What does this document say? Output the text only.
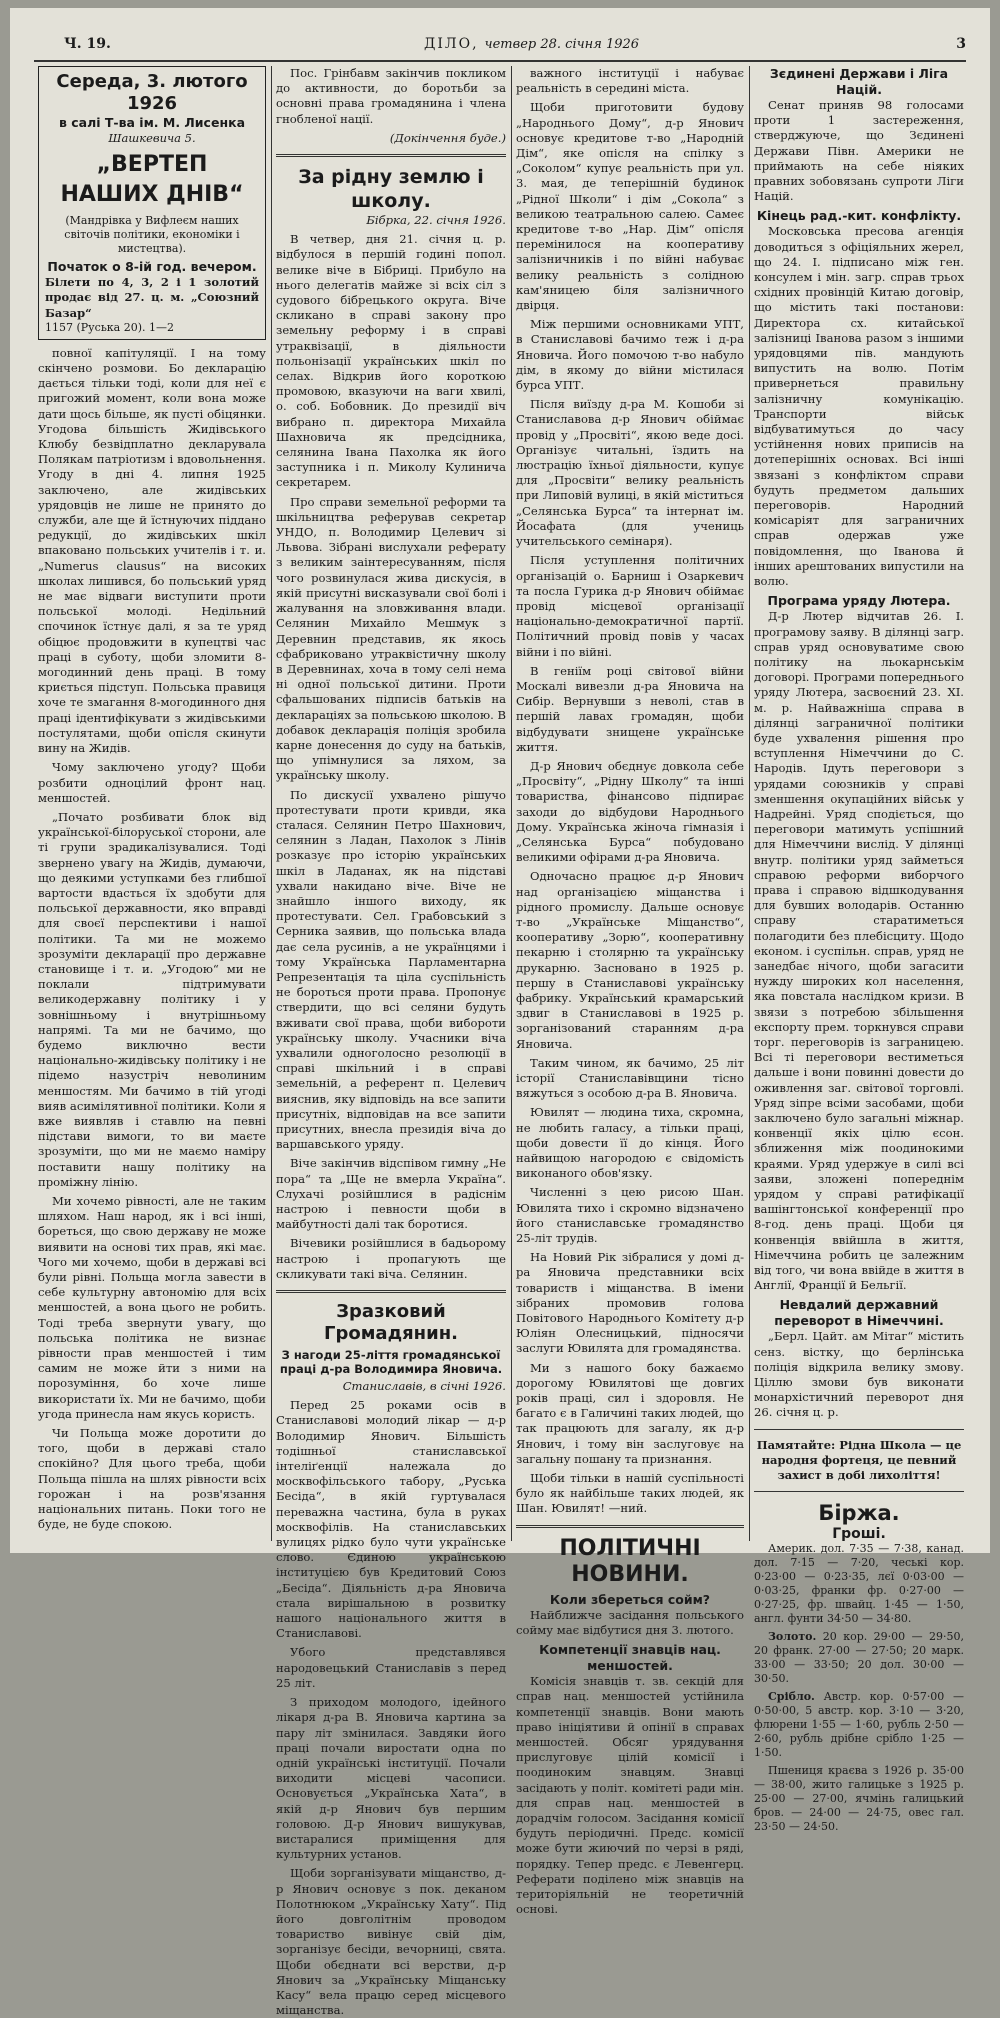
Ч. 19.	ДІЛО, четвер 28. січня 1926	3
Середа, 3. лютого 1926
в салі Т-ва ім. М. Лисенка
Шашкевича 5.
„ВЕРТЕП НАШИХ ДНІВ“
(Мандрівка у Вифлеєм наших світочів політики, економіки і мистецтва).
Початок о 8-ій год. вечером.
Білети по 4, 3, 2 і 1 золотий продає від 27. ц. м. „Союзний Базар“
1157 (Руська 20). 1—2

повної капітуляції. І на тому скінчено розмови. Бо декларацію дається тільки тоді, коли для неї є пригожий момент, коли вона може дати щось більше, як пусті обіцянки. Угодова більшість Жидівського Клюбу безвідплатно декларувала Полякам патріотизм і вдовольнення. Угоду в дні 4. липня 1925 заключено, але жидівських урядовців не лише не принято до служби, але ще й їстнуючих піддано редукції, до жидівських шкіл впаковано польських учителів і т. и. „Numerus clausus“ на високих школах лишився, бо польський уряд не має відваги виступити проти польської молоді. Недільний спочинок їстнує далі, я за те уряд обіцює продовжити в купецтві час праці в суботу, щоби зломити 8-могодинний день праці. В тому криється підступ. Польська правиця хоче те змагання 8-могодинного дня праці ідентифікувати з жидівськими постулятами, щоби опісля скинути вину на Жидів.

Чому заключено угоду? Щоби розбити одноцілий фронт нац. меншостей.

„Почато розбивати блок від української-білоруської сторони, але ті групи зрадикалізувалися. Тоді звернено увагу на Жидів, думаючи, що деякими уступками без глибшої вартости вдасться їх здобути для польської державности, яко вправді для своєї перспективи і нашої політики. Та ми не можемо зрозуміти декларації про державне становище і т. и. „Угодою“ ми не поклали підтримувати великодержавну політику і у зовнішньому і внутрішньому напрямі. Та ми не бачимо, що будемо виключно вести національно-жидівську політику і не підемо назустріч неволиним меншостям. Ми бачимо в тій угоді вияв асимілятивної політики. Коли я вже виявляв і ставлю на певні підстави вимоги, то ви маєте зрозуміти, що ми не маємо наміру поставити нашу політику на проміжну лінію.

Ми хочемо рівності, але не таким шляхом. Наш народ, як і всі інші, бореться, що свою державу не може виявити на основі тих прав, які має. Чого ми хочемо, щоби в державі всі були рівні. Польща могла завести в себе культурну автономію для всіх меншостей, а вона цього не робить. Тоді треба звернути увагу, що польська політика не визнає рівности прав меншостей і тим самим не може йти з ними на порозуміння, бо хоче лише використати їх. Ми не бачимо, щоби угода принесла нам якусь користь.

Чи Польща може доротити до того, щоби в державі стало спокійно? Для цього треба, щоби Польща пішла на шлях рівности всіх горожан і на розв'язання національних питань. Поки того не буде, не буде спокою.

Пос. Грінбавм закінчив покликом до активности, до боротьби за основні права громадянина і члена гнобленої нації.

(Докінчення буде.)

За рідну землю і школу.

Бібрка, 22. січня 1926.

В четвер, дня 21. січня ц. р. відбулося в першій годині попол. велике віче в Бібриці. Прибуло на нього делегатів майже зі всіх сіл з судового бібрецького округа. Віче скликано в справі закону про земельну реформу і в справі утраквізації, в діяльности польонізації українських шкіл по селах. Відкрив його короткою промовою, вказуючи на ваги хвилі, о. соб. Бобовник. До президії віч вибрано п. директора Михайла Шахновича як предсідника, селянина Івана Пахолка як його заступника і п. Миколу Кулинича секретарем.

Про справи земельної реформи та шкільництва реферував секретар УНДО, п. Володимир Целевич зі Львова. Зібрані вислухали реферату з великим заінтересуванням, після чого розвинулася жива дискусія, в якій присутні висказували свої болі і жалування на зловживання влади. Селянин Михайло Мешмук з Деревнин представив, як якось сфабриковано утраквістичну школу в Деревнинах, хоча в тому селі нема ні одної польської дитини. Проти сфальшованих підписів батьків на деклараціях за польською школою. В добавок декларація поліція зробила карне донесення до суду на батьків, що упімнулися за ляхом, за українську школу.

По дискусії ухвалено рішучо протестувати проти кривди, яка сталася. Селянин Петро Шахнович, селянин з Ладан, Пахолок з Лінів розказує про історію українських шкіл в Ладанах, як на підставі ухвали накидано віче. Віче не знайшло іншого виходу, як протестувати. Сел. Грабовський з Серника заявив, що польська влада дає села русинів, а не українцями і тому Українська Парламентарна Репрезентація та ціла суспільність не бороться проти права. Пропонує ствердити, що всі селяни будуть вживати свої права, щоби вибороти українську школу. Учасники віча ухвалили одноголосно резолюції в справі шкільний і в справі земельній, а референт п. Целевич вияснив, яку відповідь на все запити присутніх, відповідав на все запити присутних, внесла президія віча до варшавського уряду.

Віче закінчив відспівом гимну „Не пора“ та „Ще не вмерла Україна“. Слухачі розійшлися в радіснім настрою і певности щоби в майбутності далі так боротися.

Вічевики розійшлися в бадьорому настрою і пропагують ще скликувати такі віча. Селянин.

Зразковий Громадянин.
З нагоди 25-ліття громадянської праці д-ра Володимира Яновича.

Станиславів, в січні 1926.

Перед 25 роками осів в Станиславові молодий лікар — д-р Володимир Янович. Більшість тодішньої станиславської інтеліґенції належала до москвофільського табору, „Руська Бесіда“, в якій гуртувалася переважна частина, була в руках москвофілів. На станиславських вулицях рідко було чути українське слово. Єдиною українською інституцією був Кредитовий Союз „Бесіда“. Діяльність д-ра Яновича стала вирішальною в розвитку нашого національного життя в Станиславові.

Убого представлявся народовецький Станиславів з перед 25 літ.

З приходом молодого, ідейного лікаря д-ра В. Яновича картина за пару літ змінилася. Завдяки його праці почали виростати одна по одній українські інституції. Почали виходити місцеві часописи. Основується „Українська Хата“, в якій д-р Янович був першим головою. Д-р Янович вишукував, вистаралися приміщення для культурних установ.

Щоби зорганізувати міщанство, д-р Янович основує з пок. деканом Полотнюком „Українську Хату“. Під його довголітнім проводом товариство вивінує свій дім, зорганізує бесіди, вечорниці, свята. Щоби обєднати всі верстви, д-р Янович за „Українську Міщанську Касу“ вела працю серед місцевого міщанства.

важного інституції і набуває реальність в середині міста.

Щоби приготовити будову „Народнього Дому“, д-р Янович основує кредитове т-во „Народній Дім“, яке опісля на спілку з „Соколом“ купує реальність при ул. 3. мая, де теперішній будинок „Рідної Школи“ і дім „Сокола“ з великою театральною салею. Самеє кредитове т-во „Нар. Дім“ опісля перемінилося на кооперативу залізничників і по війні набуває велику реальність з солідною кам'яницею біля залізничного двірця.

Між першими основниками УПТ, в Станиславові бачимо теж і д-ра Яновича. Його помочою т-во набуло дім, в якому до війни містилася бурса УПТ.

Після виїзду д-ра М. Кошоби зі Станиславова д-р Янович обіймає провід у „Просвіті“, якою веде досі. Організує читальні, їздить на люстрацію їхньої діяльности, купує для „Просвіти“ велику реальність при Липовій вулиці, в якій міститься „Селянська Бурса“ та інтернат ім. Йосафата (для учениць учительського семінаря).

Після уступлення політичних організацій о. Барниш і Озаркевич та посла Гурика д-р Янович обіймає провід місцевої організації національно-демократичної партії. Політичний провід повів у часах війни і по війні.

В геніїм році світової війни Москалі вивезли д-ра Яновича на Сибір. Вернувши з неволі, став в першій лавах громадян, щоби відбудувати знищене українське життя.

Д-р Янович обєднує довкола себе „Просвіту“, „Рідну Школу“ та інші товариства, фінансово підпирає заходи до відбудови Народнього Дому. Українська жіноча гімназія і „Селянська Бурса“ побудовано великими офірами д-ра Яновича.

Одночасно працює д-р Янович над організацією міщанства і рідного промислу. Дальше основує т-во „Українське Міщанство“, кооперативу „Зорю“, кооперативну пекарню і столярню та українську друкарню. Засновано в 1925 р. першу в Станиславові українську фабрику. Український крамарський здвиг в Станиславові в 1925 р. зорганізований старанням д-ра Яновича.

Таким чином, як бачимо, 25 літ історії Станиславівщини тісно вяжуться з особою д-ра В. Яновича.

Ювилят — людина тиха, скромна, не любить галасу, а тільки праці, щоби довести її до кінця. Його найвищою нагородою є свідомість виконаного обов'язку.

Численні з цею рисою Шан. Ювилята тихо і скромно відзначено його станиславське громадянство 25-літ трудів.

На Новий Рік зібралися у домі д-ра Яновича представники всіх товариств і міщанства. В імени зібраних промовив голова Повітового Народнього Комітету д-р Юліян Олесницький, підносячи заслуги Ювилята для громадянства.

Ми з нашого боку бажаємо дорогому Ювилятові ще довгих років праці, сил і здоровля. Не багато є в Галичині таких людей, що так працюють для загалу, як д-р Янович, і тому він заслуговує на загальну пошану та признання.

Щоби тільки в нашій суспільності було як найбільше таких людей, як Шан. Ювилят! —ний.

ПОЛІТИЧНІ НОВИНИ.
Коли збереться сойм?

Найближче засідання польського сойму має відбутися дня 3. лютого.

Компетенції знавців нац. меншостей.

Комісія знавців т. зв. секцій для справ нац. меншостей устійнила компетенції знавців. Вони мають право ініціятиви й опінії в справах меншостей. Обсяг урядування прислуговує цілій комісії і поодиноким знавцям. Знавці засідають у політ. комітеті ради мін. для справ нац. меншостей в дорадчім голосом. Засідання комісії будуть періодичні. Предс. комісії може бути жиючий по черзі в ряді, порядку. Тепер предс. є Левенгерц. Реферати поділено між знавців на територіяльній не теоретичній основі.

Зєдинені Держави і Ліга Націй.

Сенат приняв 98 голосами проти 1 застереження, стверджуюче, що Зєдинені Держави Півн. Америки не приймають на себе ніяких правних зобовязань супроти Ліги Націй.

Кінець рад.-кит. конфлікту.

Московська пресова агенція доводиться з офіціяльних жерел, що 24. І. підписано між ген. консулем і мін. загр. справ трьох східних провінцій Китаю договір, що містить такі постанови: Директора сх. китайської залізниці Іванова разом з іншими урядовцями пів. мандують випустить на волю. Потім привернеться правильну залізничну комунікацію. Транспорти військ відбуватимуться до часу устійнення нових приписів на дотеперішніх основах. Всі інші звязані з конфліктом справи будуть предметом дальших переговорів. Народний комісаріят для заграничних справ одержав уже повідомлення, що Іванова й інших арештованих випустили на волю.

Програма уряду Лютера.

Д-р Лютер відчитав 26. І. програмову заяву. В ділянці загр. справ уряд основуватиме свою політику на льокарнськім договорі. Програми попереднього уряду Лютера, засвоєний 23. ХІ. м. р. Найважніша справа в ділянці заграничної політики буде ухвалення рішення про вступлення Німеччини до С. Народів. Ідуть переговори з урядами союзників у справі зменшення окупаційних військ у Надрейні. Уряд сподіється, що переговори матимуть успішний для Німеччини вислід. У ділянці внутр. політики уряд займеться справою реформи виборчого права і справою відшкодування для бувших володарів. Останню справу старатиметься полагодити без плебісциту. Щодо економ. і суспільн. справ, уряд не занедбає нічого, щоби загасити нужду широких кол населення, яка повстала наслідком кризи. В звязи з потребою збільшення експорту прем. торкнувся справи торг. переговорів із заграницею. Всі ті переговори вестиметься дальше і вони повинні довести до оживлення заг. світової торговлі. Уряд зіпре всіми засобами, щоби заключено було загальні міжнар. конвенції якіх цілю єсон. зближення між поодинокими краями. Уряд удержуе в силі всі заяви, зложені попереднім урядом у справі ратифікації вашінгтонської конференції про 8-год. день праці. Щоби ця конвенція ввійшла в життя, Німеччина робить це залежним від того, чи вона ввійде в життя в Англії, Франції й Бельгії.

Невдалий державний переворот в Німеччині.

„Берл. Цайт. ам Мітаг“ містить сенз. вістку, що берлінська поліція відкрила велику змову. Ціллю змови був виконати монархістичний переворот дня 26. січня ц. р.

Памятайте: Рідна Школа — це народня фортеця, це певний захист в добі лихоліття!

Біржа.
Гроші.

Америк. дол. 7·35 — 7·38, канад. дол. 7·15 — 7·20, чеські кор. 0·23·00 — 0·23·35, лєї 0·03·00 — 0·03·25, франки фр. 0·27·00 — 0·27·25, фр. швайц. 1·45 — 1·50, англ. фунти 34·50 — 34·80.

Золото. 20 кор. 29·00 — 29·50, 20 франк. 27·00 — 27·50; 20 марк. 33·00 — 33·50; 20 дол. 30·00 — 30·50.

Срібло. Австр. кор. 0·57·00 — 0·50·00, 5 австр. кор. 3·10 — 3·20, флюрени 1·55 — 1·60, рубль 2·50 — 2·60, рубль дрібне срібло 1·25 — 1·50.

Пшениця краєва з 1926 р. 35·00 — 38·00, жито галицьке з 1925 р. 25·00 — 27·00, ячмінь галицький бров. — 24·00 — 24·75, овес гал. 23·50 — 24·50.
